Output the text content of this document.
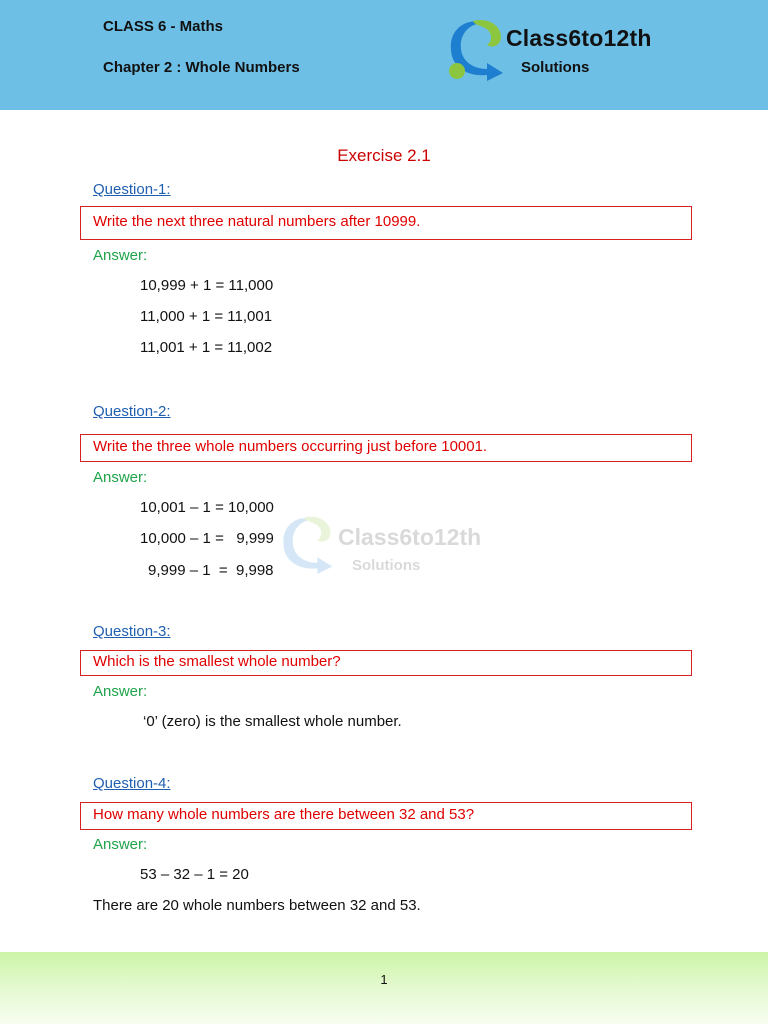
CLASS 6 - Maths
Chapter 2 : Whole Numbers
Class6to12th
Solutions
Class6to12th
Solutions
Exercise 2.1
Question-1:
Write the next three natural numbers after 10999.
Answer:
10,999 + 1 = 11,000
11,000 + 1 = 11,001
11,001 + 1 = 11,002
Question-2:
Write the three whole numbers occurring just before 10001.
Answer:
10,001 – 1 = 10,000
10,000 – 1 =   9,999
9,999 – 1  =  9,998
Question-3:
Which is the smallest whole number?
Answer:
‘0’ (zero) is the smallest whole number.
Question-4:
How many whole numbers are there between 32 and 53?
Answer:
53 – 32 – 1 = 20
There are 20 whole numbers between 32 and 53.
1
